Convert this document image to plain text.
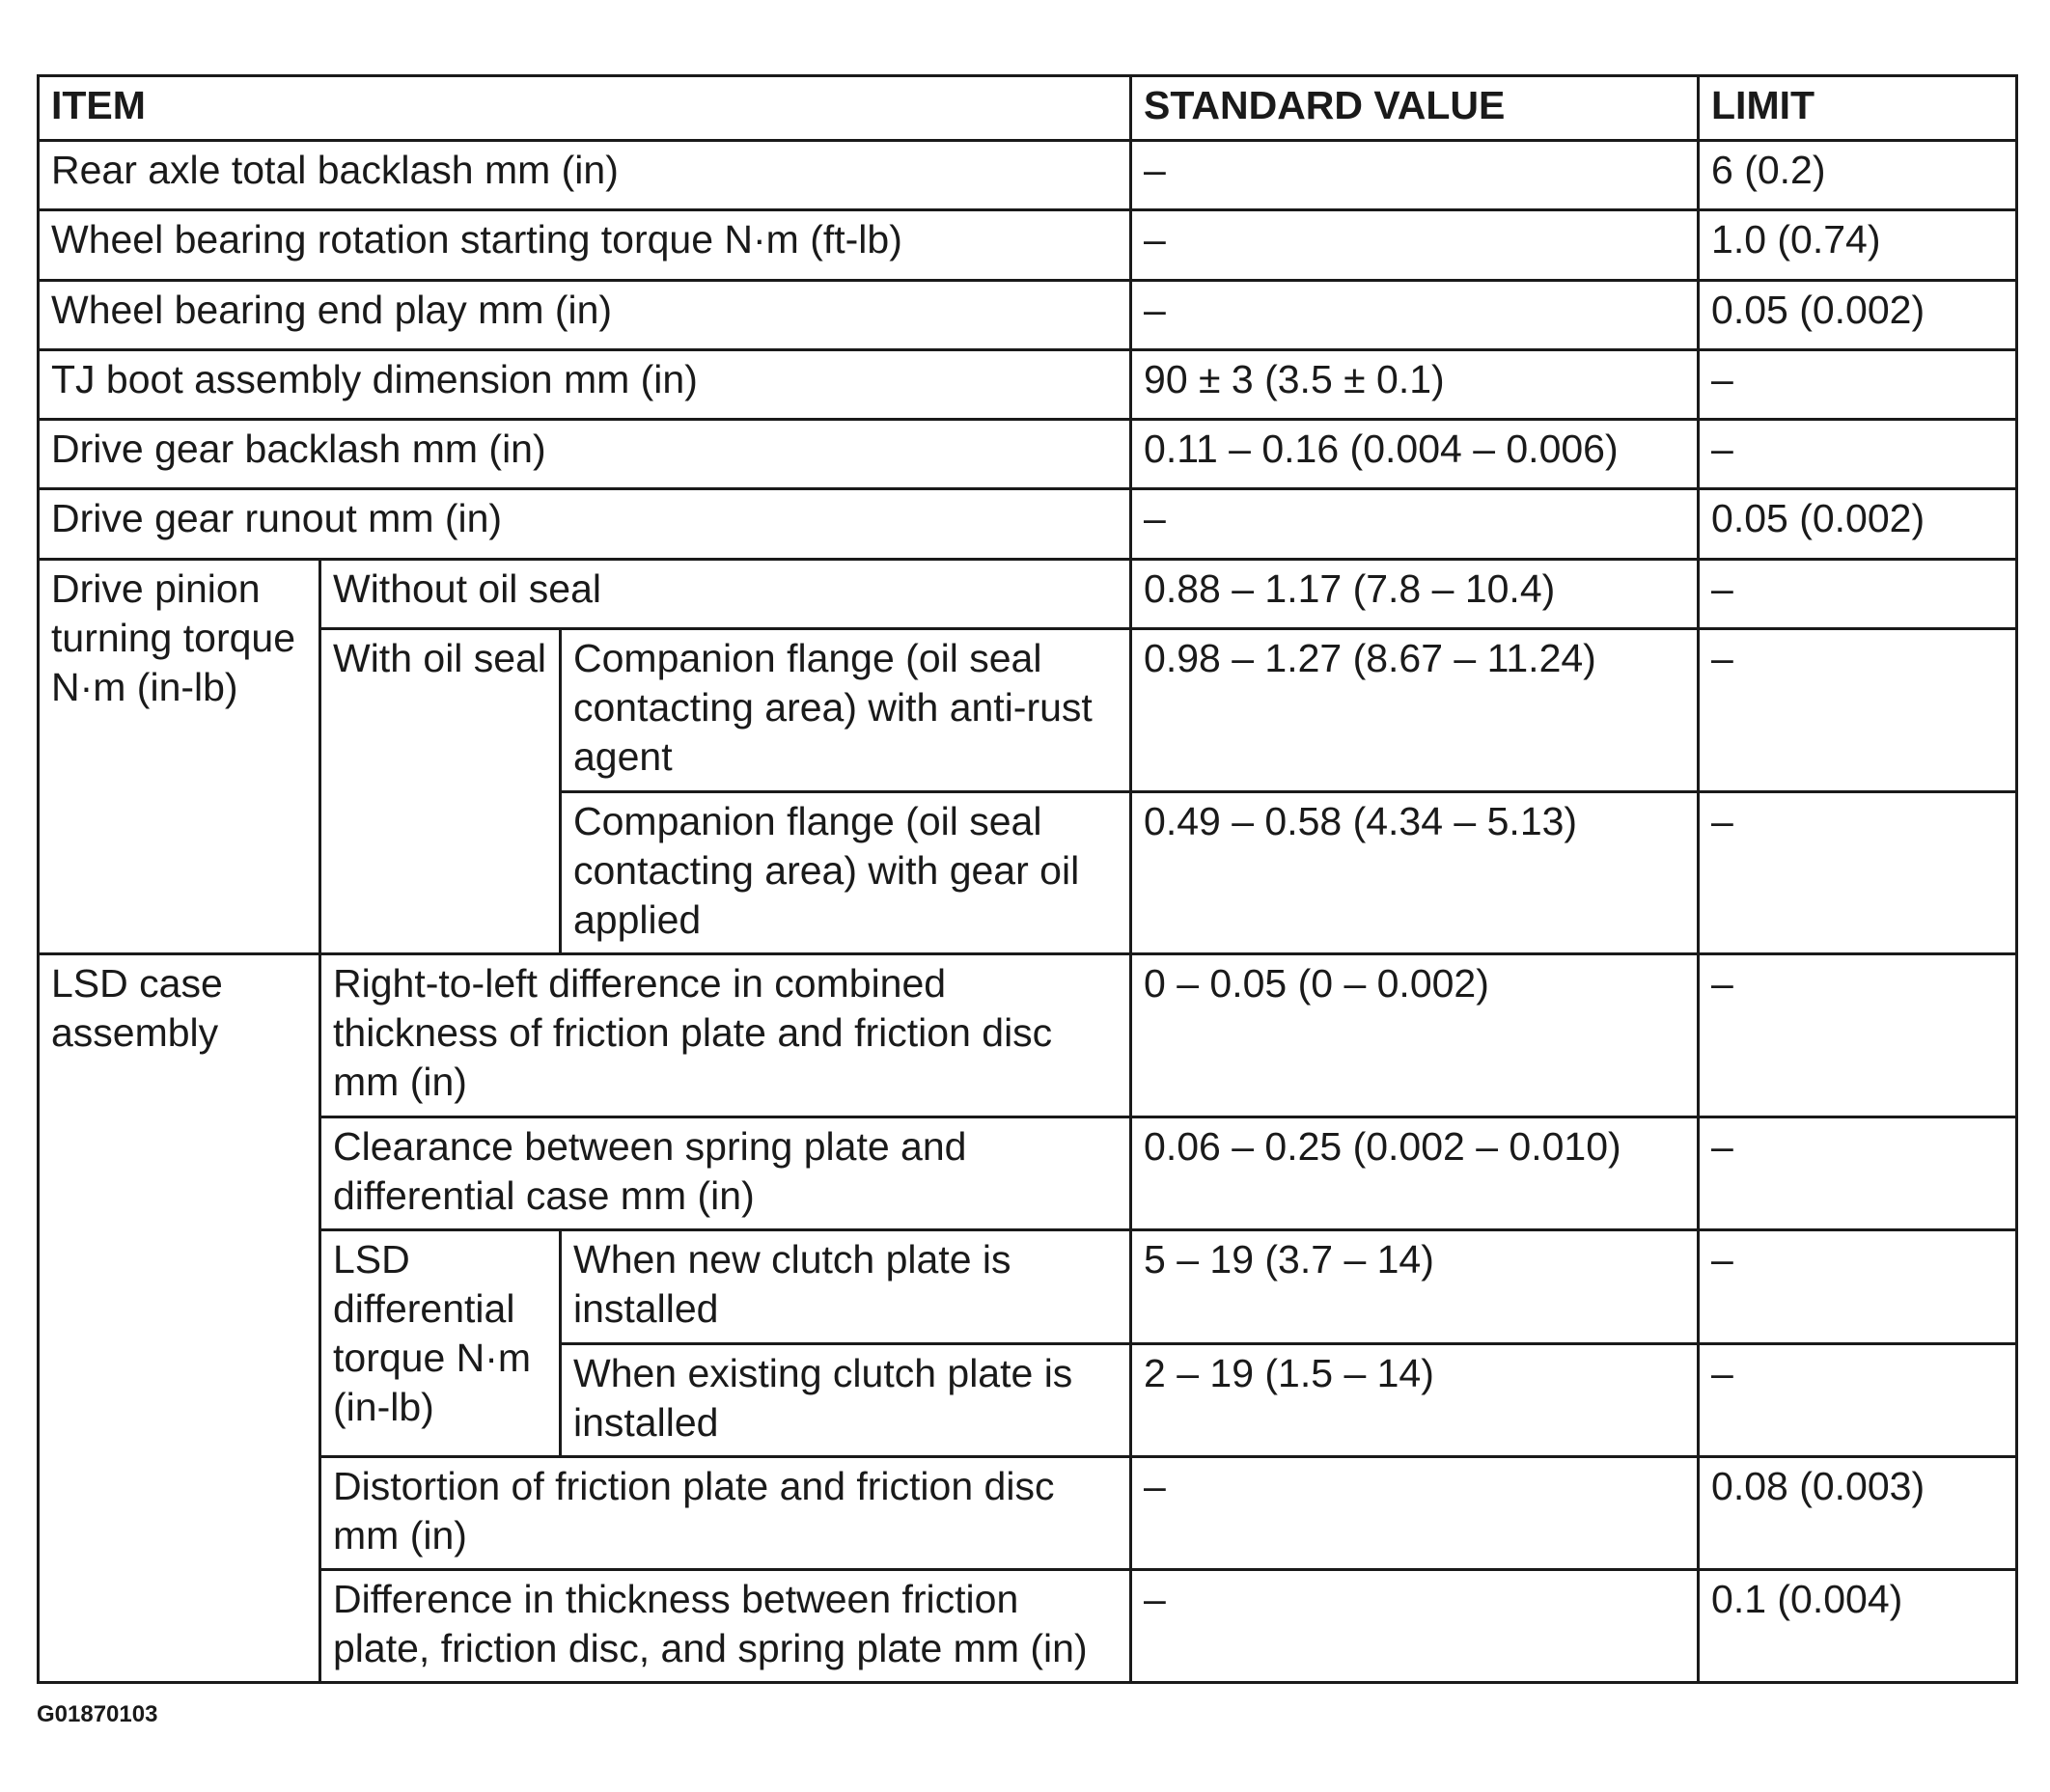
ITEM			STANDARD VALUE	LIMIT
Rear axle total backlash mm (in)			–	6 (0.2)
Wheel bearing rotation starting torque N·m (ft-lb)			–	1.0 (0.74)
Wheel bearing end play mm (in)			–	0.05 (0.002)
TJ boot assembly dimension mm (in)			90 ± 3 (3.5 ± 0.1)	–
Drive gear backlash mm (in)			0.11 – 0.16 (0.004 – 0.006)	–
Drive gear runout mm (in)			–	0.05 (0.002)
Drive pinion turning torque N·m (in-lb)	Without oil seal		0.88 – 1.17 (7.8 – 10.4)	–
	With oil seal	Companion flange (oil seal contacting area) with anti-rust agent	0.98 – 1.27 (8.67 – 11.24)	–
		Companion flange (oil seal contacting area) with gear oil applied	0.49 – 0.58 (4.34 – 5.13)	–
LSD case assembly	Right-to-left difference in combined thickness of friction plate and friction disc mm (in)		0 – 0.05 (0 – 0.002)	–
	Clearance between spring plate and differential case mm (in)		0.06 – 0.25 (0.002 – 0.010)	–
	LSD differential torque N·m (in-lb)	When new clutch plate is installed	5 – 19 (3.7 – 14)	–
		When existing clutch plate is installed	2 – 19 (1.5 – 14)	–
	Distortion of friction plate and friction disc mm (in)		–	0.08 (0.003)
	Difference in thickness between friction plate, friction disc, and spring plate mm (in)		–	0.1 (0.004)
G01870103
